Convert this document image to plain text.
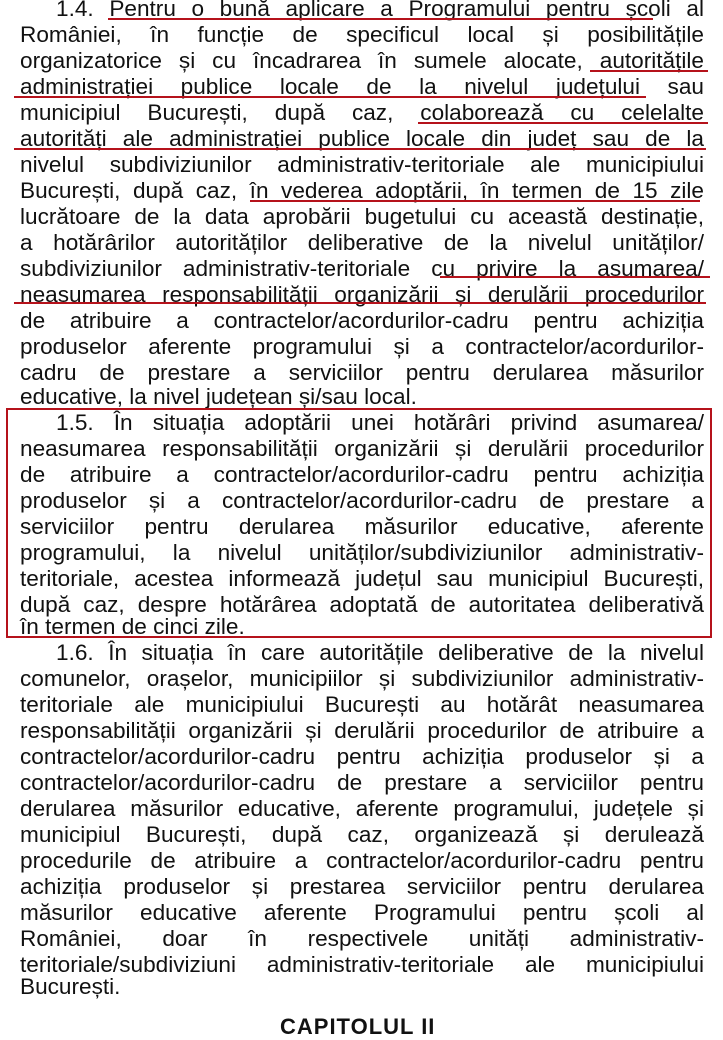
1.4. Pentru o bună aplicare a Programului pentru școli al
României, în funcție de specificul local și posibilitățile
organizatorice și cu încadrarea în sumele alocate, autoritățile
administrației publice locale de la nivelul județului sau
municipiul București, după caz, colaborează cu celelalte
autorități ale administrației publice locale din județ sau de la
nivelul subdiviziunilor administrativ-teritoriale ale municipiului
București, după caz, în vederea adoptării, în termen de 15 zile
lucrătoare de la data aprobării bugetului cu această destinație,
a hotărârilor autorităților deliberative de la nivelul unităților/
subdiviziunilor administrativ-teritoriale cu privire la asumarea/
neasumarea responsabilității organizării și derulării procedurilor
de atribuire a contractelor/acordurilor-cadru pentru achiziția
produselor aferente programului și a contractelor/acordurilor-
cadru de prestare a serviciilor pentru derularea măsurilor
educative, la nivel județean și/sau local.
1.5. În situația adoptării unei hotărâri privind asumarea/
neasumarea responsabilității organizării și derulării procedurilor
de atribuire a contractelor/acordurilor-cadru pentru achiziția
produselor și a contractelor/acordurilor-cadru de prestare a
serviciilor pentru derularea măsurilor educative, aferente
programului, la nivelul unităților/subdiviziunilor administrativ-
teritoriale, acestea informează județul sau municipiul București,
după caz, despre hotărârea adoptată de autoritatea deliberativă
în termen de cinci zile.
1.6. În situația în care autoritățile deliberative de la nivelul
comunelor, orașelor, municipiilor și subdiviziunilor administrativ-
teritoriale ale municipiului București au hotărât neasumarea
responsabilității organizării și derulării procedurilor de atribuire a
contractelor/acordurilor-cadru pentru achiziția produselor și a
contractelor/acordurilor-cadru de prestare a serviciilor pentru
derularea măsurilor educative, aferente programului, județele și
municipiul București, după caz, organizează și derulează
procedurile de atribuire a contractelor/acordurilor-cadru pentru
achiziția produselor și prestarea serviciilor pentru derularea
măsurilor educative aferente Programului pentru școli al
României, doar în respectivele unități administrativ-
teritoriale/subdiviziuni administrativ-teritoriale ale municipiului
București.
CAPITOLUL II
